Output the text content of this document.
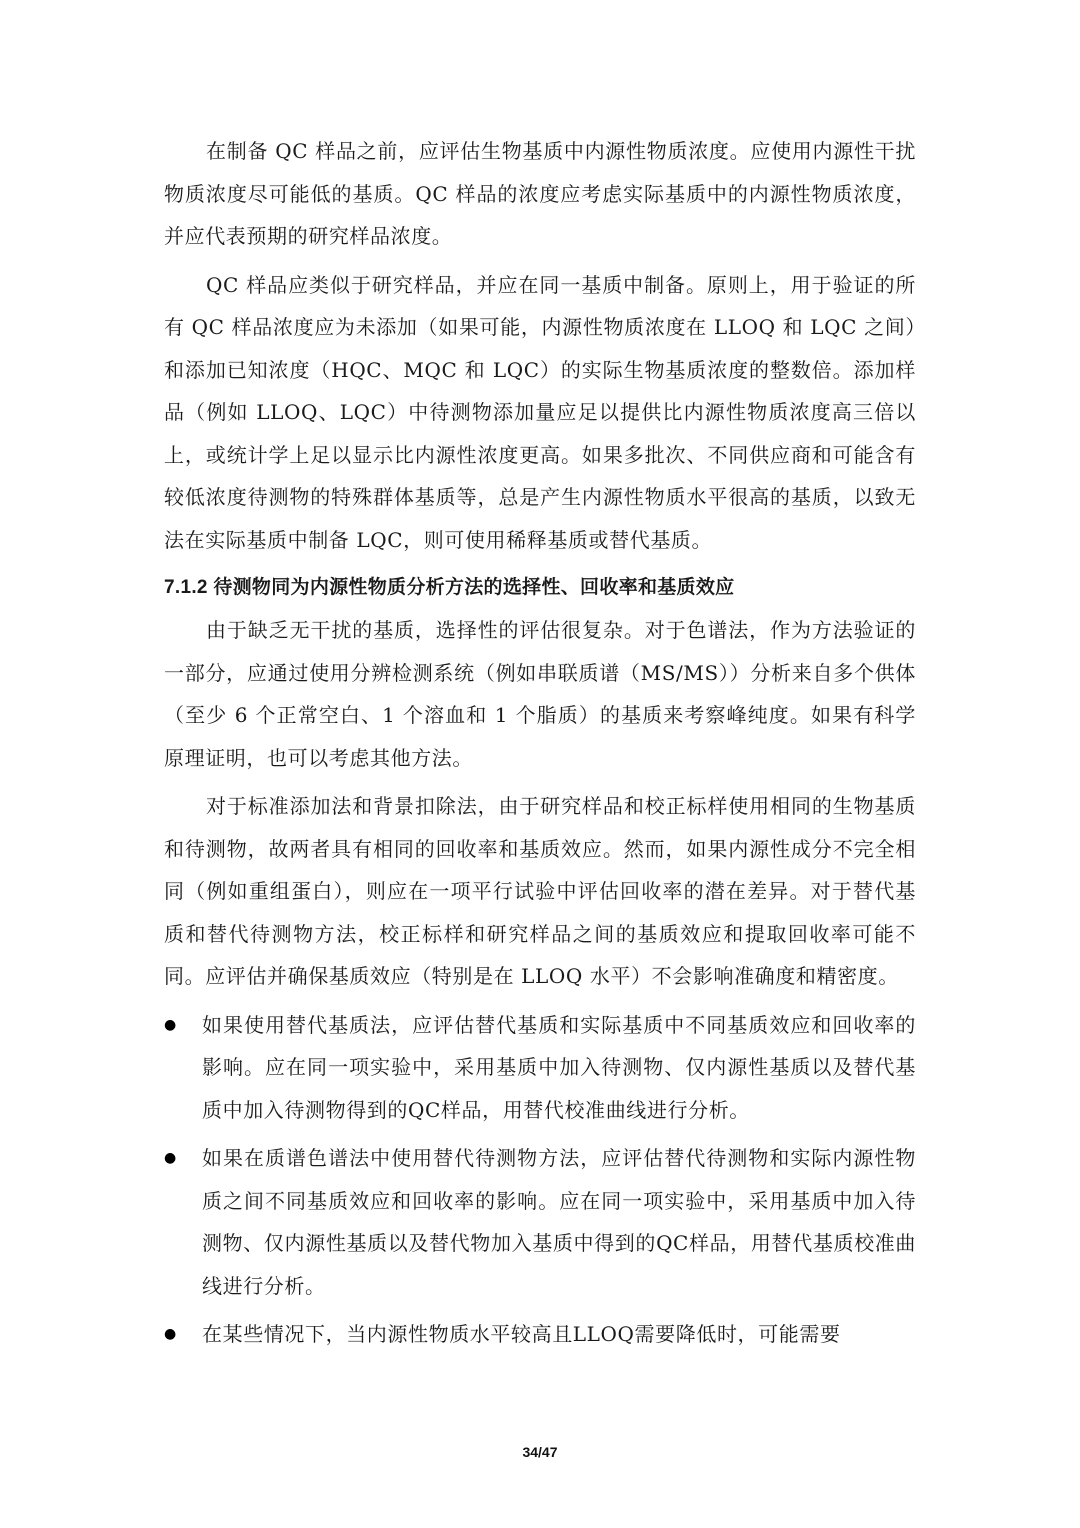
在制备 QC 样品之前，应评估生物基质中内源性物质浓度。应使用内源性干扰物质浓度尽可能低的基质。QC 样品的浓度应考虑实际基质中的内源性物质浓度，并应代表预期的研究样品浓度。

QC 样品应类似于研究样品，并应在同一基质中制备。原则上，用于验证的所有 QC 样品浓度应为未添加（如果可能，内源性物质浓度在 LLOQ 和 LQC 之间）和添加已知浓度（HQC、MQC 和 LQC）的实际生物基质浓度的整数倍。添加样品（例如 LLOQ、LQC）中待测物添加量应足以提供比内源性物质浓度高三倍以上，或统计学上足以显示比内源性浓度更高。如果多批次、不同供应商和可能含有较低浓度待测物的特殊群体基质等，总是产生内源性物质水平很高的基质，以致无法在实际基质中制备 LQC，则可使用稀释基质或替代基质。

7.1.2 待测物同为内源性物质分析方法的选择性、回收率和基质效应

由于缺乏无干扰的基质，选择性的评估很复杂。对于色谱法，作为方法验证的一部分，应通过使用分辨检测系统（例如串联质谱（MS/MS））分析来自多个供体（至少 6 个正常空白、1 个溶血和 1 个脂质）的基质来考察峰纯度。如果有科学原理证明，也可以考虑其他方法。

对于标准添加法和背景扣除法，由于研究样品和校正标样使用相同的生物基质和待测物，故两者具有相同的回收率和基质效应。然而，如果内源性成分不完全相同（例如重组蛋白），则应在一项平行试验中评估回收率的潜在差异。对于替代基质和替代待测物方法，校正标样和研究样品之间的基质效应和提取回收率可能不同。应评估并确保基质效应（特别是在 LLOQ 水平）不会影响准确度和精密度。

●	如果使用替代基质法，应评估替代基质和实际基质中不同基质效应和回收率的影响。应在同一项实验中，采用基质中加入待测物、仅内源性基质以及替代基质中加入待测物得到的QC样品，用替代校准曲线进行分析。
●	如果在质谱色谱法中使用替代待测物方法，应评估替代待测物和实际内源性物质之间不同基质效应和回收率的影响。应在同一项实验中，采用基质中加入待测物、仅内源性基质以及替代物加入基质中得到的QC样品，用替代基质校准曲线进行分析。
●	在某些情况下，当内源性物质水平较高且LLOQ需要降低时，可能需要
34/47
